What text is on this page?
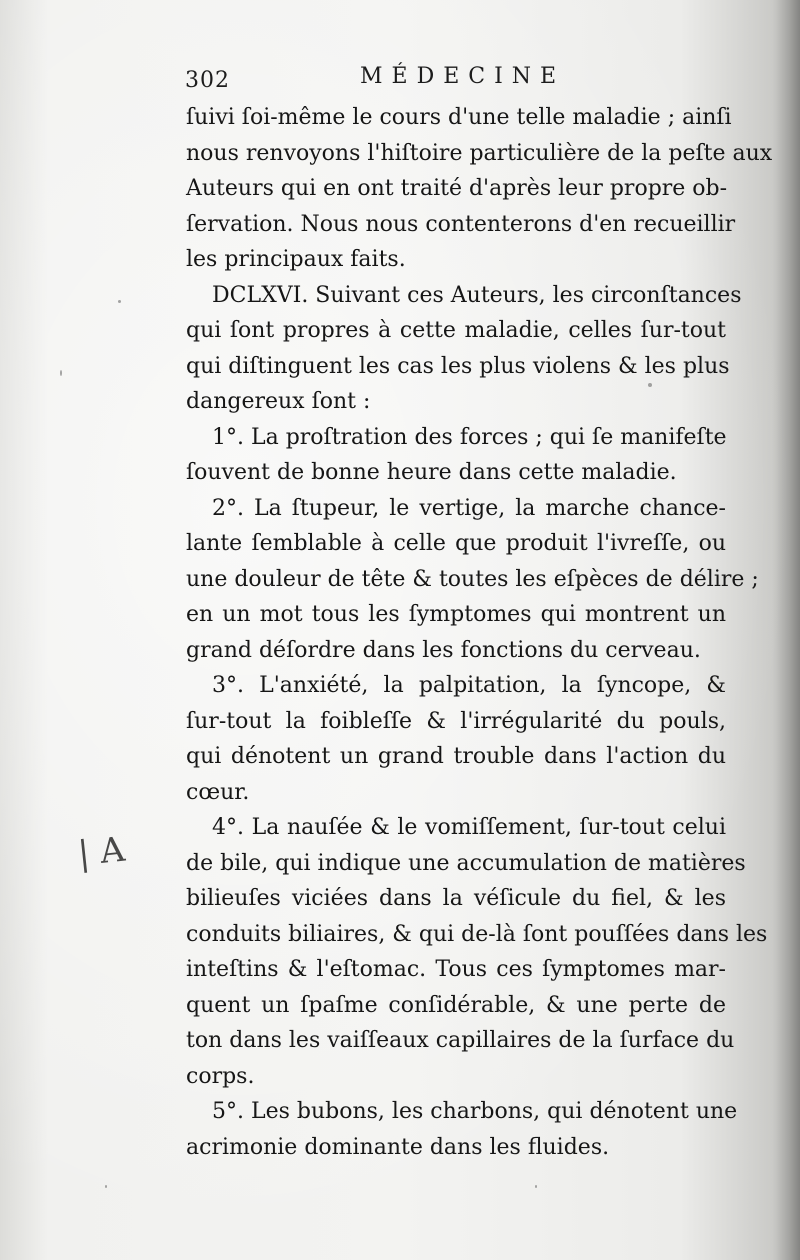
302	MÉDECINE
ſuivi ſoi-même le cours d'une telle maladie ; ainſi
nous renvoyons l'hiſtoire particulière de la peſte aux
Auteurs qui en ont traité d'après leur propre ob-
ſervation. Nous nous contenterons d'en recueillir
les principaux faits.
DCLXVI. Suivant ces Auteurs, les circonſtances
qui ſont propres à cette maladie, celles ſur-tout
qui diſtinguent les cas les plus violens & les plus
dangereux ſont :
1°. La proſtration des forces ; qui ſe manifeſte
ſouvent de bonne heure dans cette maladie.
2°. La ſtupeur, le vertige, la marche chance-
lante ſemblable à celle que produit l'ivreſſe, ou
une douleur de tête & toutes les eſpèces de délire ;
en un mot tous les ſymptomes qui montrent un
grand déſordre dans les fonctions du cerveau.
3°. L'anxiété, la palpitation, la ſyncope, &
ſur-tout la foibleſſe & l'irrégularité du pouls,
qui dénotent un grand trouble dans l'action du
cœur.
4°. La nauſée & le vomiſſement, ſur-tout celui
de bile, qui indique une accumulation de matières
bilieuſes viciées dans la véſicule du fiel, & les
conduits biliaires, & qui de-là ſont pouſſées dans les
inteſtins & l'eſtomac. Tous ces ſymptomes mar-
quent un ſpaſme conſidérable, & une perte de
ton dans les vaiſſeaux capillaires de la ſurface du
corps.
5°. Les bubons, les charbons, qui dénotent une
acrimonie dominante dans les fluides.
| A
